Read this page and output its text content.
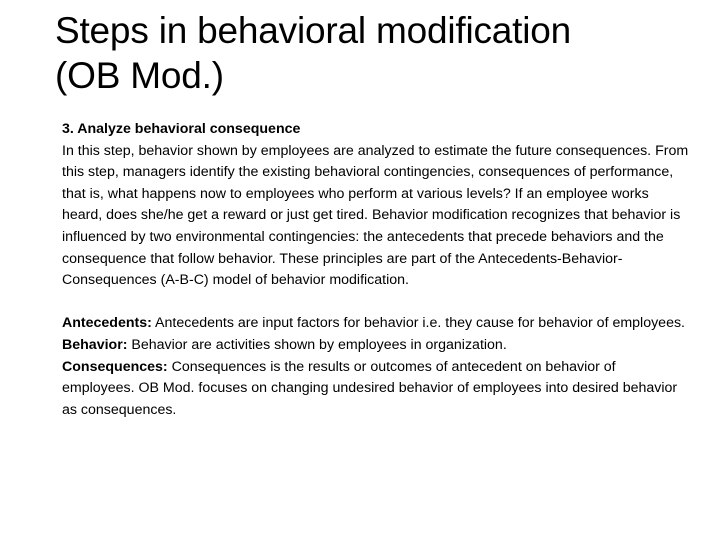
Steps in behavioral modification
(OB Mod.)

3. Analyze behavioral consequence

In this step, behavior shown by employees are analyzed to estimate the future consequences. From this step, managers identify the existing behavioral contingencies, consequences of performance, that is, what happens now to employees who perform at various levels? If an employee works heard, does she/he get a reward or just get tired. Behavior modification recognizes that behavior is influenced by two environmental contingencies: the antecedents that precede behaviors and the consequence that follow behavior. These principles are part of the Antecedents-Behavior-Consequences (A-B-C) model of behavior modification.

Antecedents: Antecedents are input factors for behavior i.e. they cause for behavior of employees.

Behavior: Behavior are activities shown by employees in organization.

Consequences: Consequences is the results or outcomes of antecedent on behavior of employees. OB Mod. focuses on changing undesired behavior of employees into desired behavior as consequences.
